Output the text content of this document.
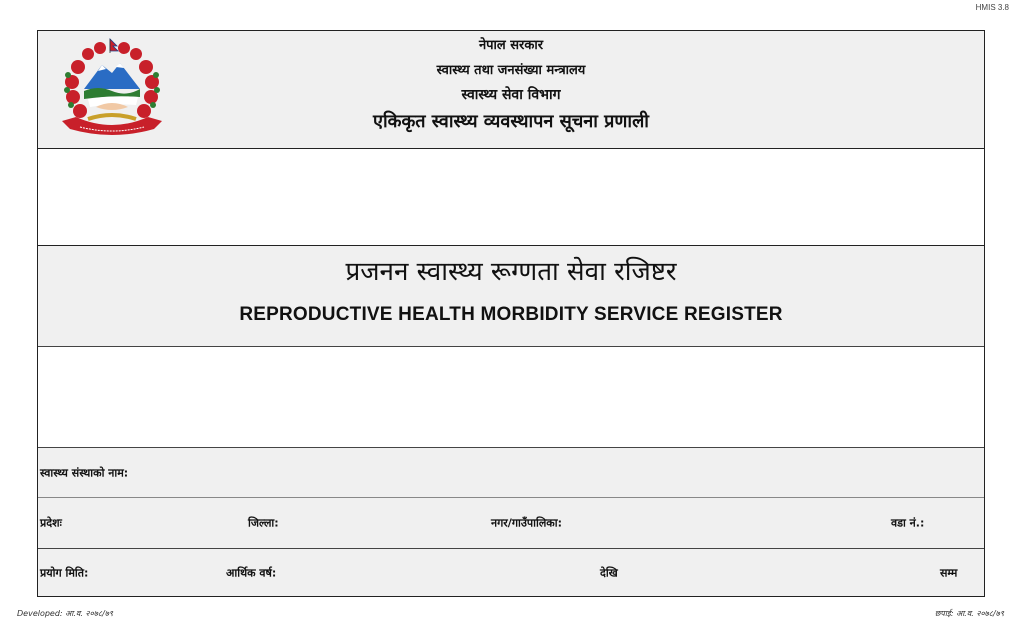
HMIS 3.8
नेपाल सरकार
स्वास्थ्य तथा जनसंख्या मन्त्रालय
स्वास्थ्य सेवा विभाग
एकिकृत स्वास्थ्य व्यवस्थापन सूचना प्रणाली
प्रजनन स्वास्थ्य रूग्णता सेवा रजिष्टर
REPRODUCTIVE HEALTH MORBIDITY SERVICE REGISTER
स्वास्थ्य संस्थाको नाम:
प्रदेशः	जिल्ला:	नगर/गाउँपालिका:	वडा नं.:
प्रयोग मिति:	आर्थिक वर्ष:	देखि	सम्म
Developed: आ.व. २०७८/७९	छपाई: आ.व. २०७८/७९
